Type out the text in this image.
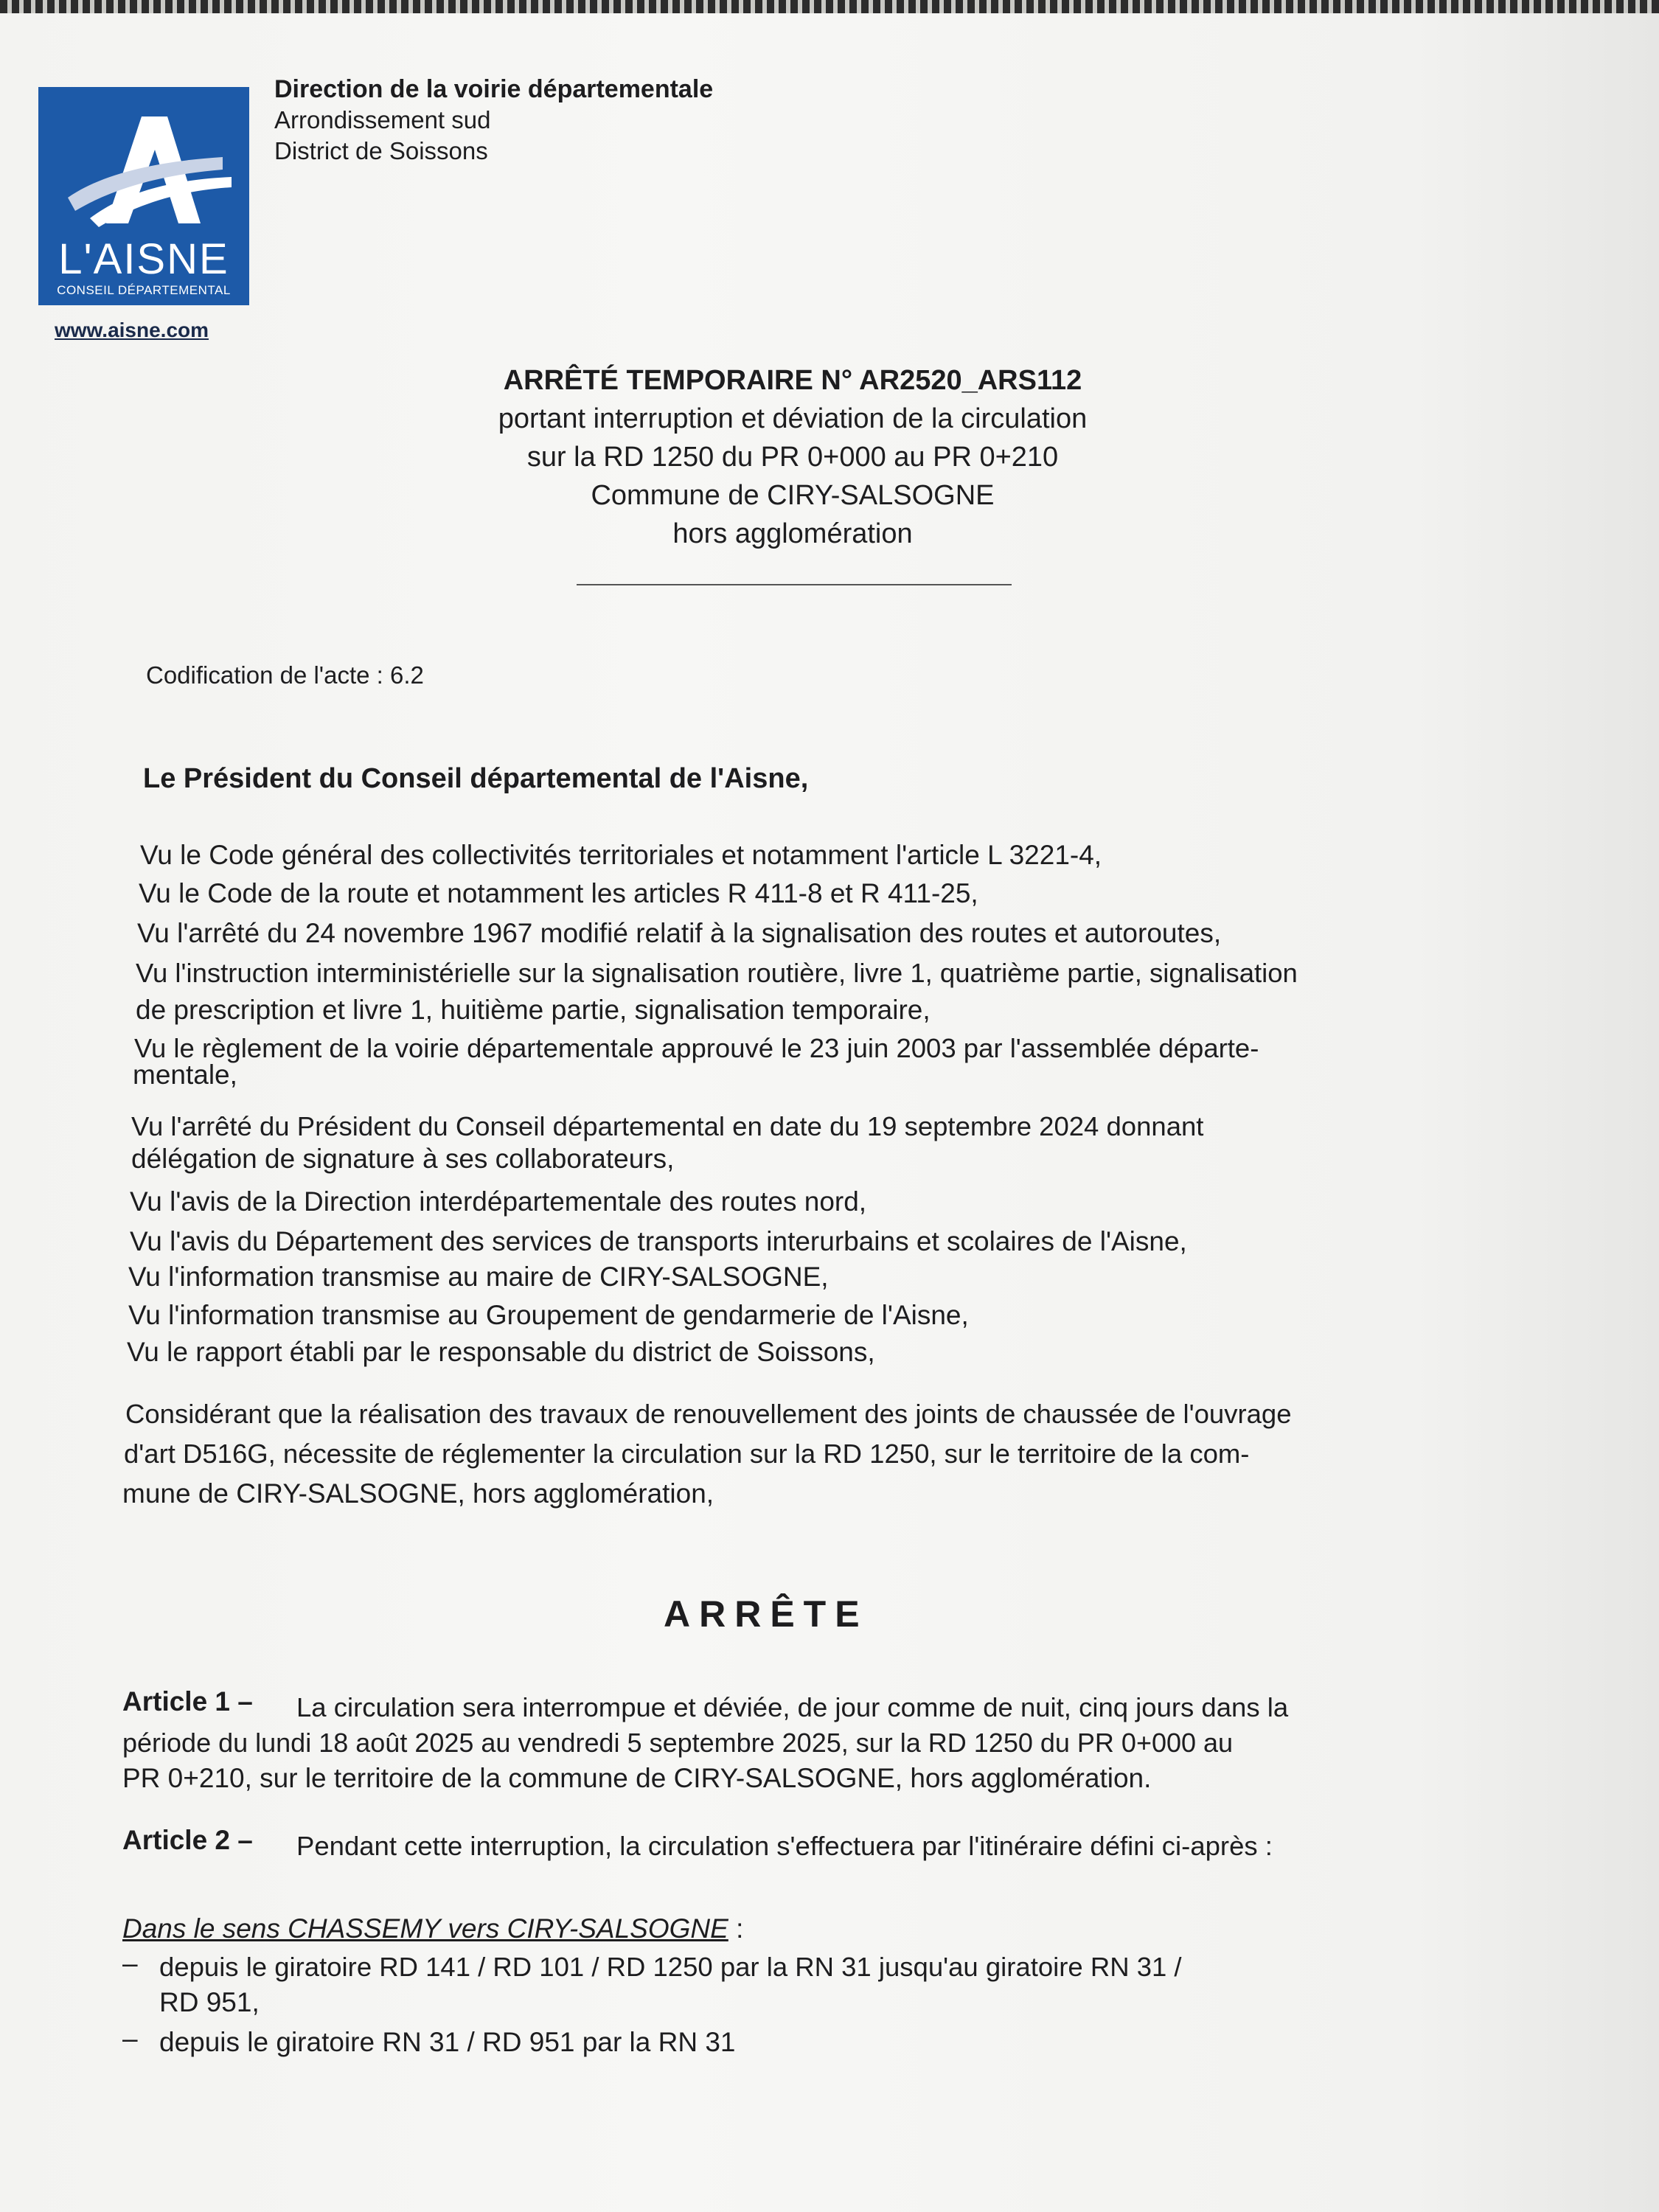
L'AISNE
CONSEIL DÉPARTEMENTAL
www.aisne.com
Direction de la voirie départementale
Arrondissement sud
District de Soissons
ARRÊTÉ TEMPORAIRE N° AR2520_ARS112
portant interruption et déviation de la circulation
sur la RD 1250 du PR 0+000 au PR 0+210
Commune de CIRY-SALSOGNE
hors agglomération
Codification de l'acte : 6.2
Le Président du Conseil départemental de l'Aisne,
Vu le Code général des collectivités territoriales et notamment l'article L 3221-4,
Vu le Code de la route et notamment les articles R 411-8 et R 411-25,
Vu l'arrêté du 24 novembre 1967 modifié relatif à la signalisation des routes et autoroutes,
Vu l'instruction interministérielle sur la signalisation routière, livre 1, quatrième partie, signalisation
de prescription et livre 1, huitième partie, signalisation temporaire,
Vu le règlement de la voirie départementale approuvé le 23 juin 2003 par l'assemblée départe-
mentale,
Vu l'arrêté du Président du Conseil départemental en date du 19 septembre 2024 donnant
délégation de signature à ses collaborateurs,
Vu l'avis de la Direction interdépartementale des routes nord,
Vu l'avis du Département des services de transports interurbains et scolaires de l'Aisne,
Vu l'information transmise au maire de CIRY-SALSOGNE,
Vu l'information transmise au Groupement de gendarmerie de l'Aisne,
Vu le rapport établi par le responsable du district de Soissons,
Considérant que la réalisation des travaux de renouvellement des joints de chaussée de l'ouvrage
d'art D516G, nécessite de réglementer la circulation sur la RD 1250, sur le territoire de la com-
mune de CIRY-SALSOGNE, hors agglomération,
ARRÊTE
Article 1 – La circulation sera interrompue et déviée, de jour comme de nuit, cinq jours dans la
période du lundi 18 août 2025 au vendredi 5 septembre 2025, sur la RD 1250 du PR 0+000 au
PR 0+210, sur le territoire de la commune de CIRY-SALSOGNE, hors agglomération.
Article 2 – Pendant cette interruption, la circulation s'effectuera par l'itinéraire défini ci-après :
Dans le sens CHASSEMY vers CIRY-SALSOGNE :
– depuis le giratoire RD 141 / RD 101 / RD 1250 par la RN 31 jusqu'au giratoire RN 31 /
RD 951,
– depuis le giratoire RN 31 / RD 951 par la RN 31
